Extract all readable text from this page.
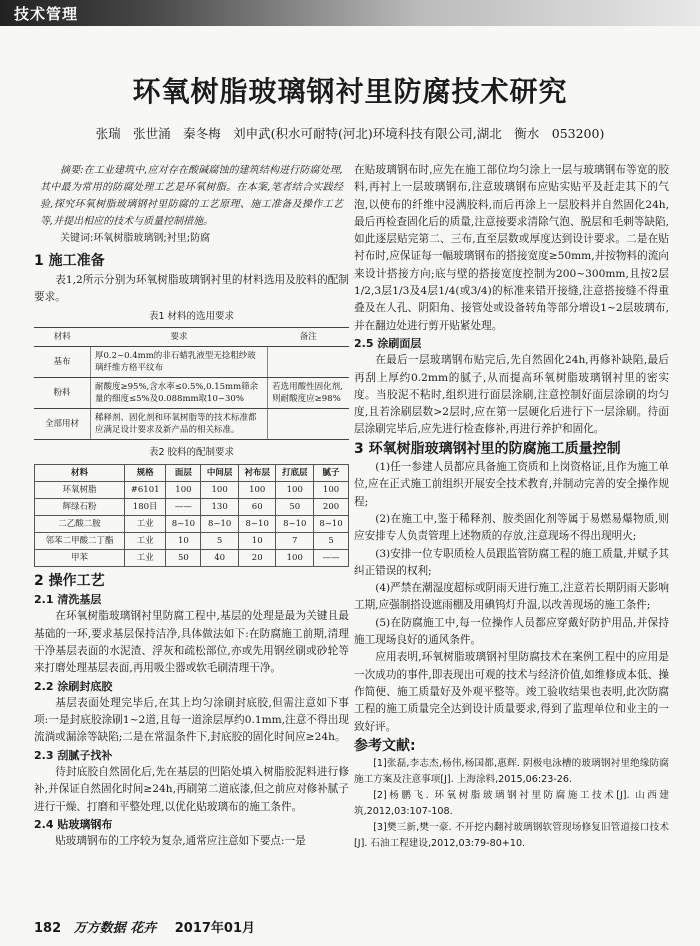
技术管理
环氧树脂玻璃钢衬里防腐技术研究
张瑞　张世涌　秦冬梅　刘申武(积水可耐特(河北)环境科技有限公司,湖北　衡水　053200)

摘要:在工业建筑中,应对存在酸碱腐蚀的建筑结构进行防腐处理,其中最为常用的防腐处理工艺是环氧树脂。在本案,笔者结合实践经验,探究环氧树脂玻璃钢衬里防腐的工艺原理、施工准备及操作工艺等,并提出相应的技术与质量控制措施。

关键词:环氧树脂玻璃钢;衬里;防腐

1 施工准备

表1,2所示分别为环氧树脂玻璃钢衬里的材料选用及胶料的配制要求。

表1 材料的选用要求
材料	要求	备注
基布	厚0.2~0.4mm的非石蜡乳液型无捻粗纱玻璃纤维方格平纹布	
粉料	耐酸度≥95%,含水率≤0.5%,0.15mm筛余量的细度≤5%及0.088mm取10~30%	若选用酸性固化剂,则耐酸度应≥98%
全部用材	稀释剂、固化剂和环氧树脂等的技术标准都应满足设计要求及新产品的相关标准。	
表2 胶料的配制要求
材料	规格	面层	中间层	衬布层	打底层	腻子
环氧树脂	#6101	100	100	100	100	100
辉绿石粉	180目	——	130	60	50	200
二乙酸二胺	工业	8~10	8~10	8~10	8~10	8~10
邻苯二甲酸二丁酯	工业	10	5	10	7	5
甲苯	工业	50	40	20	100	——
2 操作工艺
2.1 清洗基层

在环氧树脂玻璃钢衬里防腐工程中,基层的处理是最为关键且最基础的一环,要求基层保持洁净,具体做法如下:在防腐施工前期,清理干净基层表面的水泥渣、浮灰和疏松部位,亦或先用钢丝刷或砂轮等来打磨处理基层表面,再用吸尘器或软毛刷清理干净。

2.2 涂刷封底胶

基层表面处理完毕后,在其上均匀涂刷封底胶,但需注意如下事项:一是封底胶涂刷1~2道,且每一道涂层厚约0.1mm,注意不得出现流淌或漏涂等缺陷;二是在常温条件下,封底胶的固化时间应≥24h。

2.3 刮腻子找补

待封底胶自然固化后,先在基层的凹陷处填入树脂胶泥料进行修补,并保证自然固化时间≥24h,再刷第二道底漆,但之前应对修补腻子进行干燥、打磨和平整处理,以优化贴玻璃布的施工条件。

2.4 贴玻璃钢布

贴玻璃钢布的工序较为复杂,通常应注意如下要点:一是

在贴玻璃钢布时,应先在施工部位均匀涂上一层与玻璃钢布等宽的胶料,再衬上一层玻璃钢布,注意玻璃钢布应贴实贴平及赶走其下的气泡,以使布的纤维中浸满胶料,而后再涂上一层胶料并自然固化24h,最后再检查固化后的质量,注意接要求清除气泡、脱层和毛刺等缺陷,如此逐层贴完第二、三布,直至层数或厚度达到设计要求。二是在贴衬布时,应保证每一幅玻璃钢布的搭接宽度≥50mm,并按物料的流向来设计搭接方向;底与壁的搭接宽度控制为200~300mm,且按2层1/2,3层1/3及4层1/4(或3/4)的标准来错开接缝,注意搭接缝不得重叠及在人孔、阴阳角、接管处或设备转角等部分增设1~2层玻璃布,并在翻边处进行剪开贴紧处理。

2.5 涂刷面层

在最后一层玻璃钢布贴完后,先自然固化24h,再修补缺陷,最后再刮上厚约0.2mm的腻子,从而提高环氧树脂玻璃钢衬里的密实度。当胶泥不粘时,组织进行面层涂刷,注意控制好面层涂刷的均匀度,且若涂刷层数>2层时,应在第一层硬化后进行下一层涂刷。待面层涂刷完毕后,应先进行检查修补,再进行养护和固化。

3 环氧树脂玻璃钢衬里的防腐施工质量控制

(1)任一参建人员都应具备施工资质和上岗资格证,且作为施工单位,应在正式施工前组织开展安全技术教育,并制动完善的安全操作规程;

(2)在施工中,鉴于稀释剂、胺类固化剂等属于易燃易爆物质,则应安排专人负责管理上述物质的存放,注意现场不得出现明火;

(3)安排一位专职质检人员跟监管防腐工程的施工质量,并赋予其纠正错误的权利;

(4)严禁在潮湿度超标或阴雨天进行施工,注意若长期阴雨天影响工期,应强制搭设遮雨棚及用碘钨灯升温,以改善现场的施工条件;

(5)在防腐施工中,每一位操作人员都应穿戴好防护用品,并保持施工现场良好的通风条件。

应用表明,环氧树脂玻璃钢衬里防腐技术在案例工程中的应用是一次成功的事件,即表现出可观的技术与经济价值,如维修成本低、操作简便、施工质量好及外观平整等。竣工验收结果也表明,此次防腐工程的施工质量完全达到设计质量要求,得到了监理单位和业主的一致好评。

参考文献:

[1]张磊,李志杰,杨伟,杨国都,惠辉. 阴极电泳槽的玻璃钢衬里绝缘防腐施工方案及注意事项[J]. 上海涂料,2015,06:23-26.

[2]杨鹏飞. 环氧树脂玻璃钢衬里防腐施工技术[J]. 山西建筑,2012,03:107-108.

[3]樊三新,樊一豪. 不开挖内翻衬玻璃钢软管现场修复旧管道接口技术[J]. 石油工程建设,2012,03:79-80+10.

182 万方数据 花卉 2017年01月
